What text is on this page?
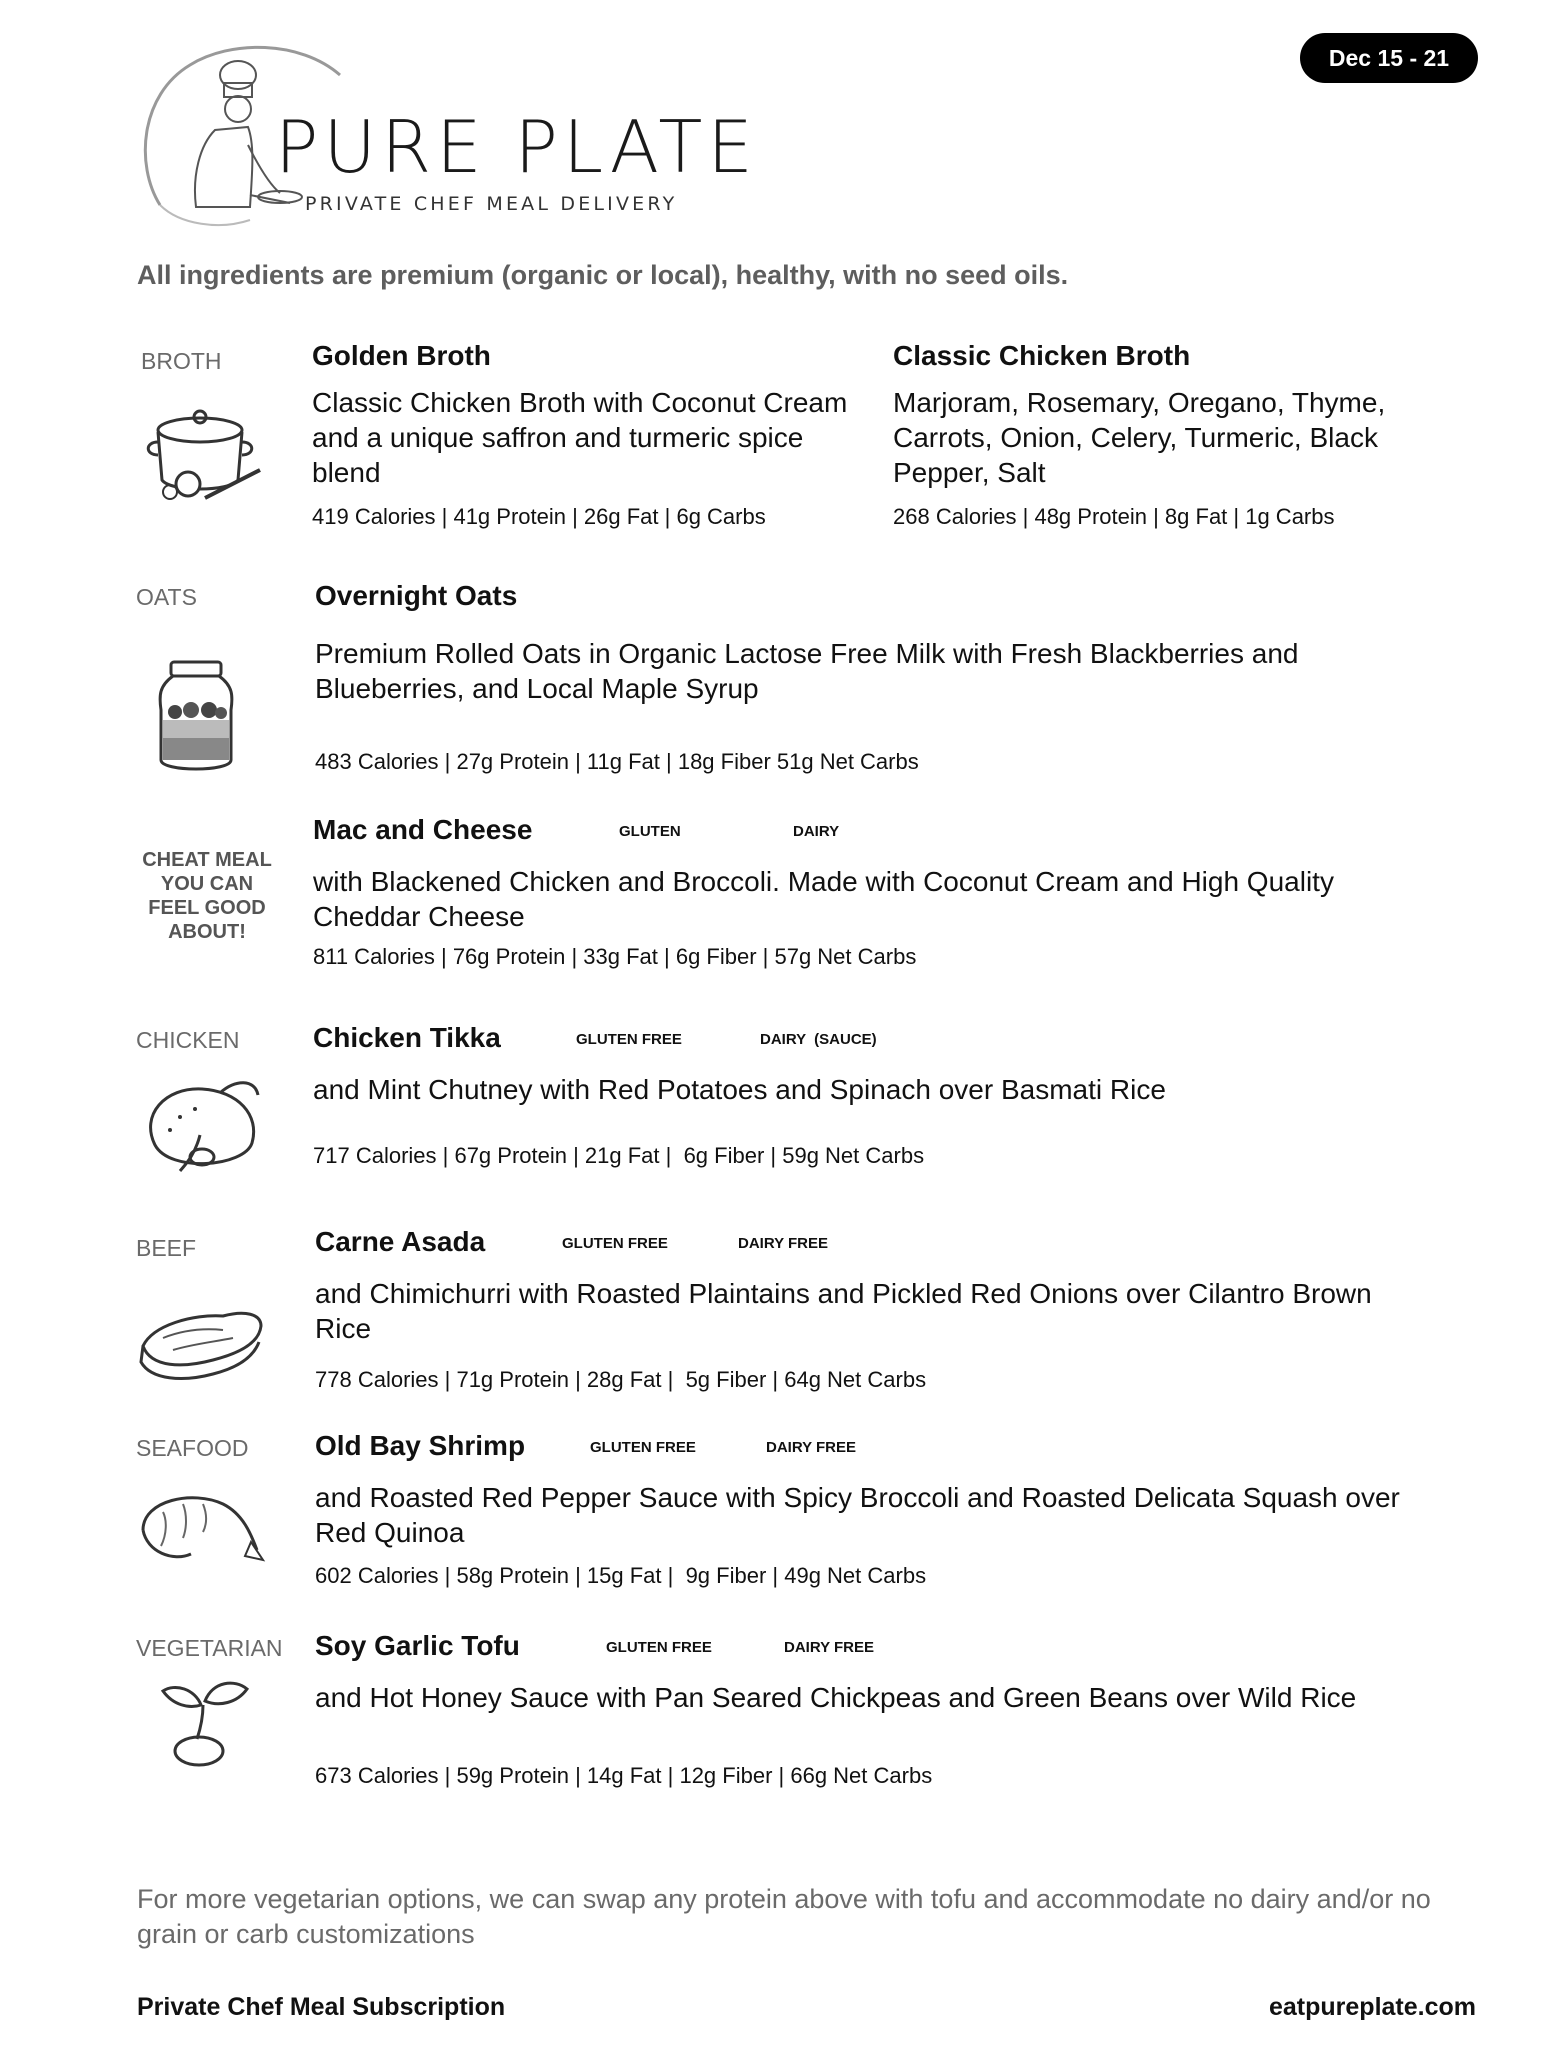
Dec 15 - 21
PURE PLATE
PRIVATE CHEF MEAL DELIVERY
All ingredients are premium (organic or local), healthy, with no seed oils.
BROTH	Golden Broth
Classic Chicken Broth with Coconut Cream and a unique saffron and turmeric spice blend
419 Calories | 41g Protein | 26g Fat | 6g Carbs
Classic Chicken Broth
Marjoram, Rosemary, Oregano, Thyme, Carrots, Onion, Celery, Turmeric, Black Pepper, Salt
268 Calories | 48g Protein | 8g Fat | 1g Carbs
OATS	Overnight Oats
Premium Rolled Oats in Organic Lactose Free Milk with Fresh Blackberries and Blueberries, and Local Maple Syrup
483 Calories | 27g Protein | 11g Fat | 18g Fiber 51g Net Carbs
CHEAT MEAL YOU CAN FEEL GOOD ABOUT!
Mac and Cheese	GLUTEN	DAIRY
with Blackened Chicken and Broccoli. Made with Coconut Cream and High Quality Cheddar Cheese
811 Calories | 76g Protein | 33g Fat | 6g Fiber | 57g Net Carbs
CHICKEN	Chicken Tikka	GLUTEN FREE	DAIRY  (SAUCE)
and Mint Chutney with Red Potatoes and Spinach over Basmati Rice
717 Calories | 67g Protein | 21g Fat |  6g Fiber | 59g Net Carbs
BEEF	Carne Asada	GLUTEN FREE	DAIRY FREE
and Chimichurri with Roasted Plaintains and Pickled Red Onions over Cilantro Brown Rice
778 Calories | 71g Protein | 28g Fat |  5g Fiber | 64g Net Carbs
SEAFOOD Old Bay Shrimp	GLUTEN FREE	DAIRY FREE
and Roasted Red Pepper Sauce with Spicy Broccoli and Roasted Delicata Squash over Red Quinoa
602 Calories | 58g Protein | 15g Fat |  9g Fiber | 49g Net Carbs
VEGETARIAN Soy Garlic Tofu	GLUTEN FREE	DAIRY FREE
and Hot Honey Sauce with Pan Seared Chickpeas and Green Beans over Wild Rice
673 Calories | 59g Protein | 14g Fat | 12g Fiber | 66g Net Carbs
For more vegetarian options, we can swap any protein above with tofu and accommodate no dairy and/or no grain or carb customizations
Private Chef Meal Subscription	eatpureplate.com
